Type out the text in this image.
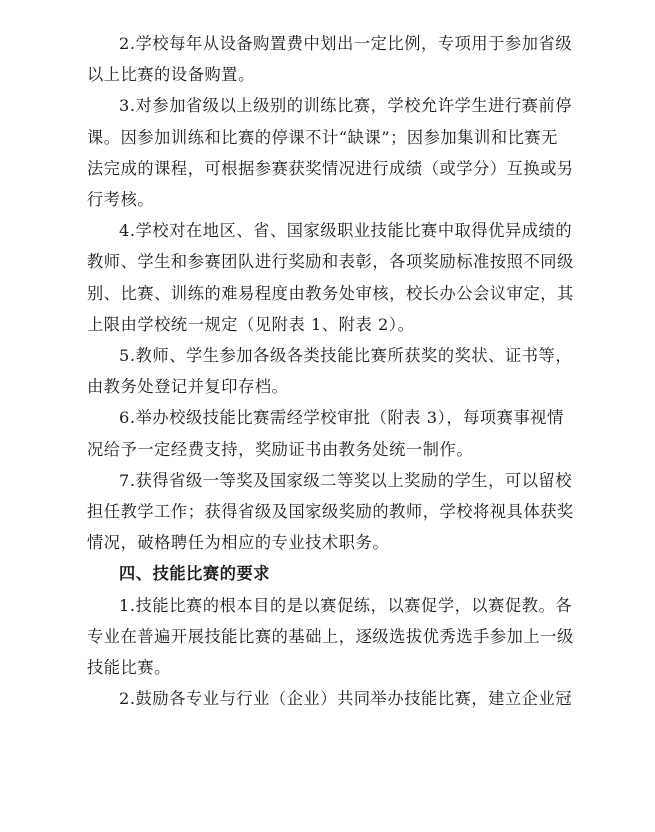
2.学校每年从设备购置费中划出一定比例，专项用于参加省级
以上比赛的设备购置。

3.对参加省级以上级别的训练比赛，学校允许学生进行赛前停
课。因参加训练和比赛的停课不计“缺课”；因参加集训和比赛无
法完成的课程，可根据参赛获奖情况进行成绩（或学分）互换或另
行考核。

4.学校对在地区、省、国家级职业技能比赛中取得优异成绩的
教师、学生和参赛团队进行奖励和表彰，各项奖励标准按照不同级
别、比赛、训练的难易程度由教务处审核，校长办公会议审定，其
上限由学校统一规定（见附表 1、附表 2）。

5.教师、学生参加各级各类技能比赛所获奖的奖状、证书等，
由教务处登记并复印存档。

6.举办校级技能比赛需经学校审批（附表 3），每项赛事视情
况给予一定经费支持，奖励证书由教务处统一制作。

7.获得省级一等奖及国家级二等奖以上奖励的学生，可以留校
担任教学工作；获得省级及国家级奖励的教师，学校将视具体获奖
情况，破格聘任为相应的专业技术职务。

四、技能比赛的要求

1.技能比赛的根本目的是以赛促练，以赛促学，以赛促教。各
专业在普遍开展技能比赛的基础上，逐级选拔优秀选手参加上一级
技能比赛。

2.鼓励各专业与行业（企业）共同举办技能比赛，建立企业冠
